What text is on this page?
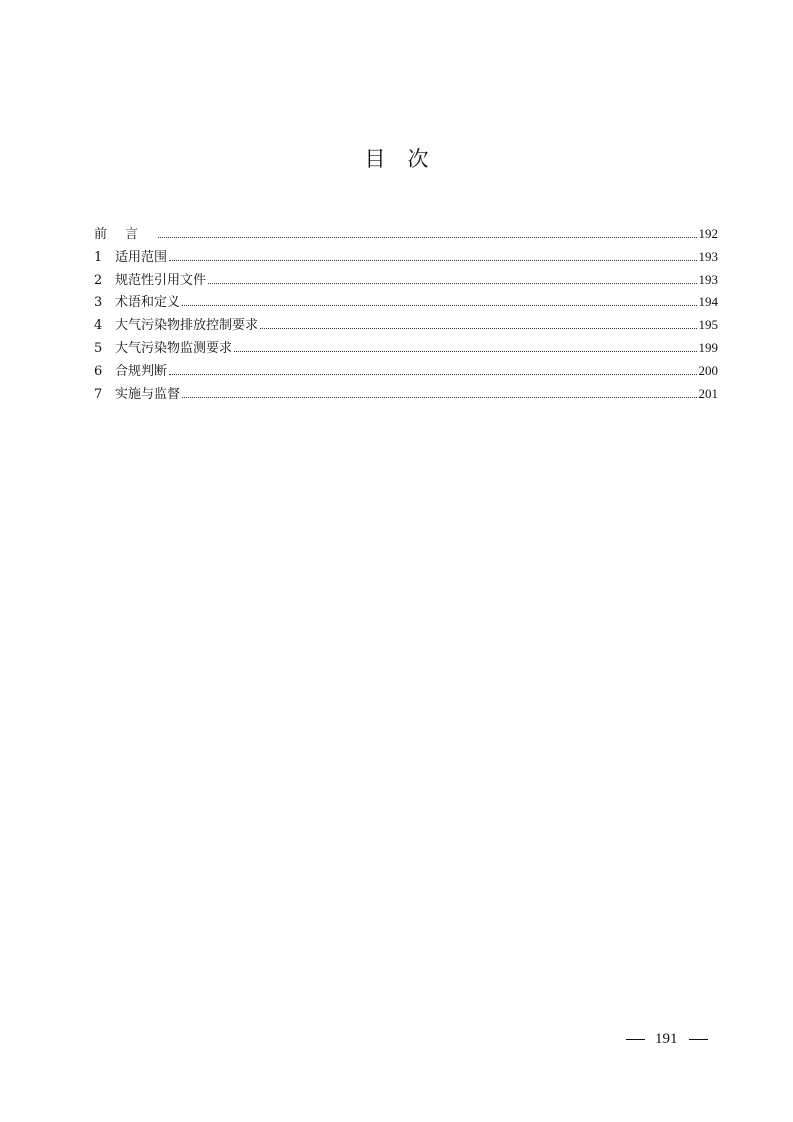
目 次
前言	192
1 适用范围	193
2 规范性引用文件	193
3 术语和定义	194
4 大气污染物排放控制要求	195
5 大气污染物监测要求	199
6 合规判断	200
7 实施与监督	201
191
